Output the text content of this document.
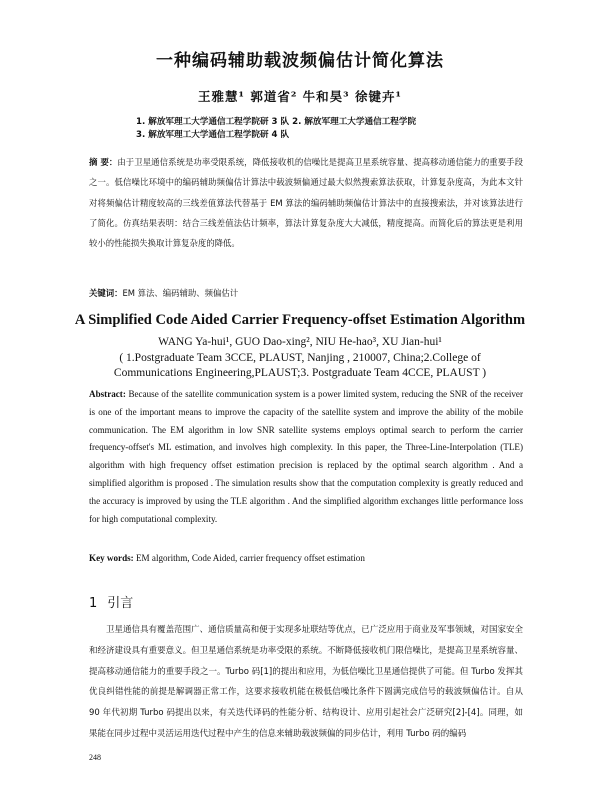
一种编码辅助载波频偏估计简化算法
王雅慧¹ 郭道省² 牛和昊³ 徐键卉¹
1. 解放军理工大学通信工程学院研 3 队 2. 解放军理工大学通信工程学院
3. 解放军理工大学通信工程学院研 4 队
摘 要：由于卫星通信系统是功率受限系统，降低接收机的信噪比是提高卫星系统容量、提高移动通信能力的重要手段之一。低信噪比环境中的编码辅助频偏估计算法中载波频偏通过最大似然搜索算法获取，计算复杂度高，为此本文针对将频偏估计精度较高的三线差值算法代替基于 EM 算法的编码辅助频偏估计算法中的直接搜索法，并对该算法进行了简化。仿真结果表明：结合三线差值法估计频率，算法计算复杂度大大减低，精度提高。而简化后的算法更是利用较小的性能损失换取计算复杂度的降低。
关键词：EM 算法、编码辅助、频偏估计
A Simplified Code Aided Carrier Frequency-offset Estimation Algorithm
WANG Ya-hui¹, GUO Dao-xing², NIU He-hao³, XU Jian-hui¹
( 1.Postgraduate Team 3CCE, PLAUST, Nanjing , 210007, China;2.College of
Communications Engineering,PLAUST;3. Postgraduate Team 4CCE, PLAUST )
Abstract: Because of the satellite communication system is a power limited system, reducing the SNR of the receiver is one of the important means to improve the capacity of the satellite system and improve the ability of the mobile communication. The EM algorithm in low SNR satellite systems employs optimal search to perform the carrier frequency-offset's ML estimation, and involves high complexity. In this paper, the Three-Line-Interpolation (TLE) algorithm with high frequency offset estimation precision is replaced by the optimal search algorithm . And a simplified algorithm is proposed . The simulation results show that the computation complexity is greatly reduced and the accuracy is improved by using the TLE algorithm . And the simplified algorithm exchanges little performance loss for high computational complexity.
Key words: EM algorithm, Code Aided, carrier frequency offset estimation
1 引言
卫星通信具有覆盖范围广、通信质量高和便于实现多址联结等优点，已广泛应用于商业及军事领域，对国家安全和经济建设具有重要意义。但卫星通信系统是功率受限的系统。不断降低接收机门限信噪比，是提高卫星系统容量、提高移动通信能力的重要手段之一。Turbo 码[1]的提出和应用，为低信噪比卫星通信提供了可能。但 Turbo 发挥其优良纠错性能的前提是解调器正常工作，这要求接收机能在极低信噪比条件下圆满完成信号的载波频偏估计。自从 90 年代初期 Turbo 码提出以来，有关迭代译码的性能分析、结构设计、应用引起社会广泛研究[2]-[4]。同理，如果能在同步过程中灵活运用迭代过程中产生的信息来辅助载波频偏的同步估计，利用 Turbo 码的编码
248
